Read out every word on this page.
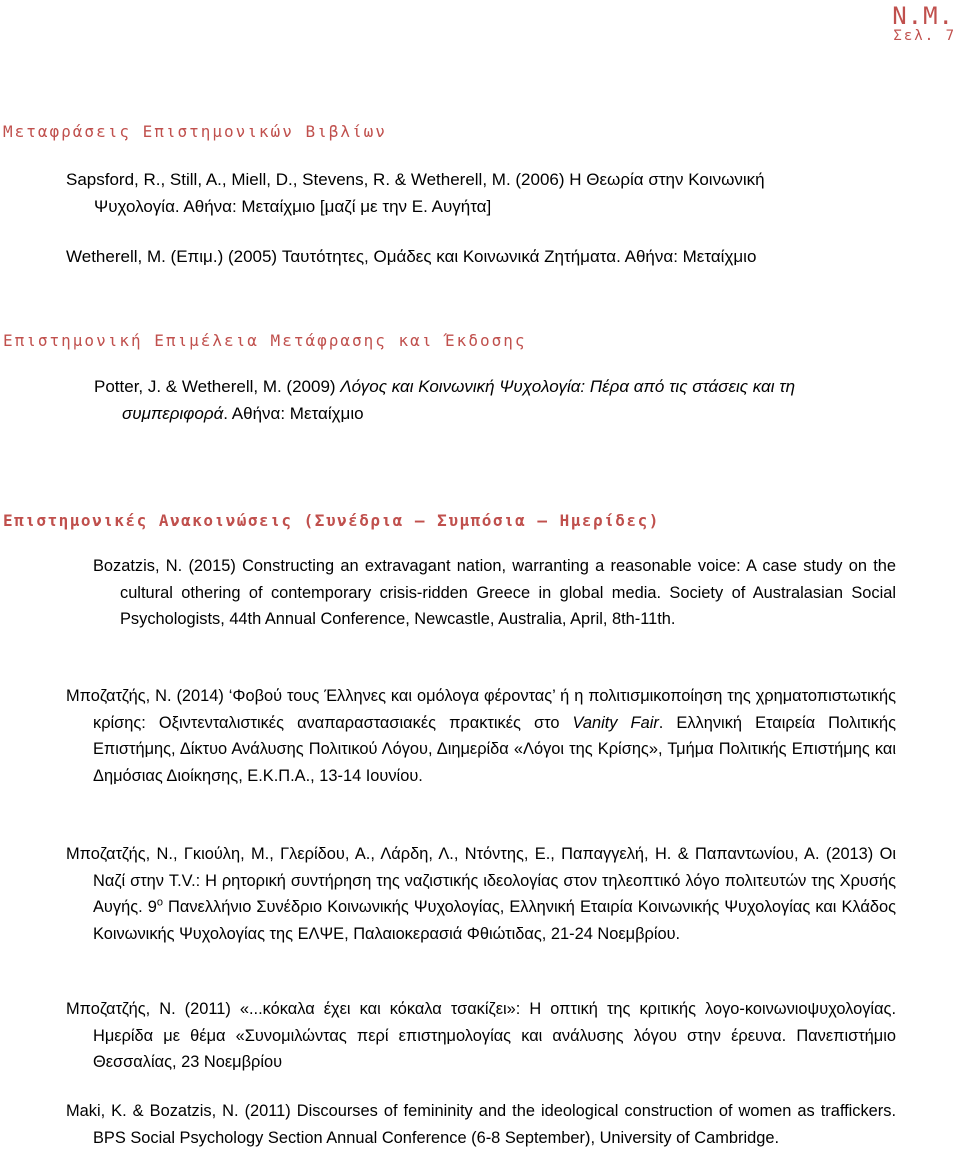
N.M.
Σελ. 7
Μεταφράσεις Επιστημονικών Βιβλίων
Sapsford, R., Still, A., Miell, D., Stevens, R. & Wetherell, M. (2006) Η Θεωρία στην Κοινωνική
Ψυχολογία. Αθήνα: Μεταίχμιο [μαζί με την Ε. Αυγήτα]
Wetherell, M. (Επιμ.) (2005) Ταυτότητες, Ομάδες και Κοινωνικά Ζητήματα. Αθήνα: Μεταίχμιο
Επιστημονική Επιμέλεια Μετάφρασης και Έκδοσης
Potter, J. & Wetherell, M. (2009) Λόγος και Κοινωνική Ψυχολογία: Πέρα από τις στάσεις και τη
συμπεριφορά. Αθήνα: Μεταίχμιο
Επιστημονικές Ανακοινώσεις (Συνέδρια – Συμπόσια – Ημερίδες)
Bozatzis, N. (2015) Constructing an extravagant nation, warranting a reasonable voice: A case study on the cultural othering of contemporary crisis-ridden Greece in global media. Society of Australasian Social Psychologists, 44th Annual Conference, Newcastle, Australia, April, 8th-11th.
Μποζατζής, Ν. (2014) ‘Φοβού τους Έλληνες και ομόλογα φέροντας’ ή η πολιτισμικοποίηση της χρηματοπιστωτικής κρίσης: Οξιντενταλιστικές αναπαραστασιακές πρακτικές στο Vanity Fair. Ελληνική Εταιρεία Πολιτικής Επιστήμης, Δίκτυο Ανάλυσης Πολιτικού Λόγου, Διημερίδα «Λόγοι της Κρίσης», Τμήμα Πολιτικής Επιστήμης και Δημόσιας Διοίκησης, Ε.Κ.Π.Α., 13-14 Ιουνίου.
Μποζατζής, Ν., Γκιούλη, Μ., Γλερίδου, Α., Λάρδη, Λ., Ντόντης, Ε., Παπαγγελή, Η. & Παπαντωνίου, Α. (2013) Οι Ναζί στην T.V.: Η ρητορική συντήρηση της ναζιστικής ιδεολογίας στον τηλεοπτικό λόγο πολιτευτών της Χρυσής Αυγής. $9^o$ Πανελλήνιο Συνέδριο Κοινωνικής Ψυχολογίας, Ελληνική Εταιρία Κοινωνικής Ψυχολογίας και Κλάδος Κοινωνικής Ψυχολογίας της ΕΛΨΕ, Παλαιοκερασιά Φθιώτιδας, 21-24 Νοεμβρίου.
Μποζατζής, Ν. (2011) «...κόκαλα έχει και κόκαλα τσακίζει»: Η οπτική της κριτικής λογο-κοινωνιοψυχολογίας. Ημερίδα με θέμα «Συνομιλώντας περί επιστημολογίας και ανάλυσης λόγου στην έρευνα. Πανεπιστήμιο Θεσσαλίας, 23 Νοεμβρίου
Maki, K. & Bozatzis, N. (2011) Discourses of femininity and the ideological construction of women as traffickers. BPS Social Psychology Section Annual Conference (6-8 September), University of Cambridge.
